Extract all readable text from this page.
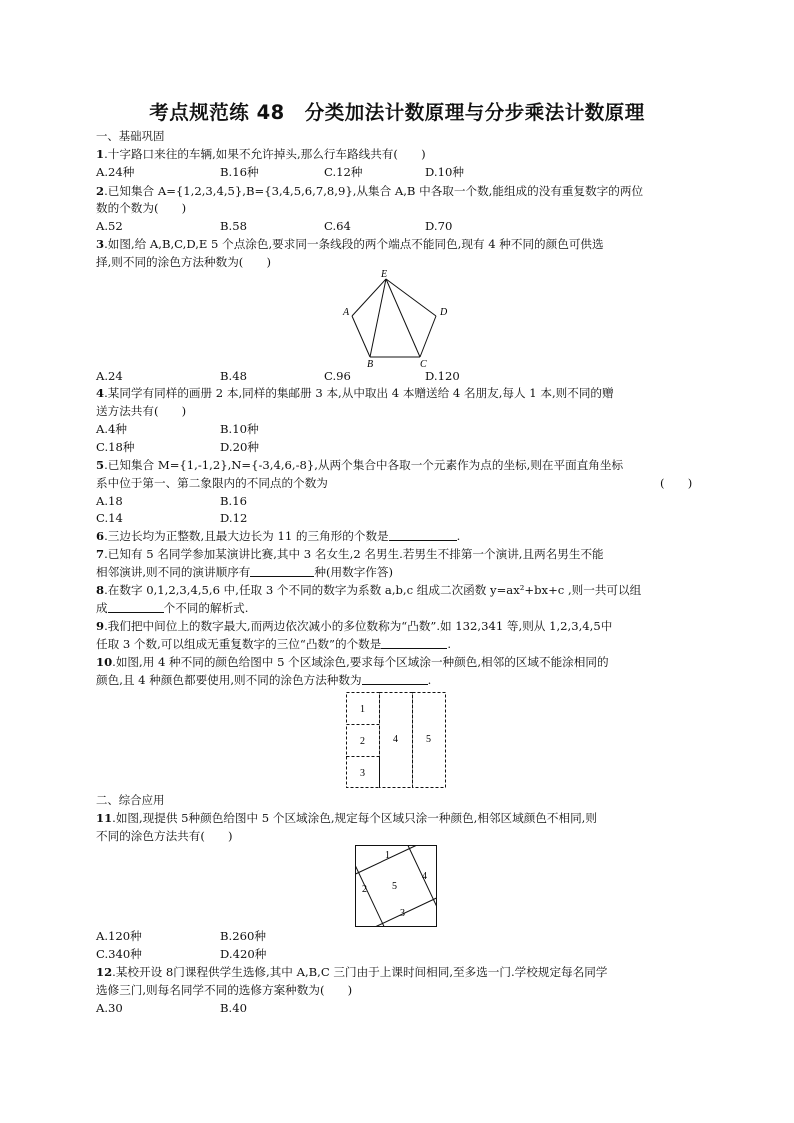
考点规范练 48　分类加法计数原理与分步乘法计数原理
一、基础巩固
1.十字路口来往的车辆,如果不允许掉头,那么行车路线共有(　　)
A.24种	B.16种	C.12种	D.10种
2.已知集合 A={1,2,3,4,5},B={3,4,5,6,7,8,9},从集合 A,B 中各取一个数,能组成的没有重复数字的两位
数的个数为(　　)
A.52	B.58	C.64	D.70
3.如图,给 A,B,C,D,E 5 个点涂色,要求同一条线段的两个端点不能同色,现有 4 种不同的颜色可供选
择,则不同的涂色方法种数为(　　)
E
A	D
B	C
A.24	B.48	C.96	D.120
4.某同学有同样的画册 2 本,同样的集邮册 3 本,从中取出 4 本赠送给 4 名朋友,每人 1 本,则不同的赠
送方法共有(　　)
A.4种	B.10种
C.18种	D.20种
5.已知集合 M={1,-1,2},N={-3,4,6,-8},从两个集合中各取一个元素作为点的坐标,则在平面直角坐标
系中位于第一、第二象限内的不同点的个数为	(　　)
A.18	B.16
C.14	D.12
6.三边长均为正整数,且最大边长为 11 的三角形的个数是	.
7.已知有 5 名同学参加某演讲比赛,其中 3 名女生,2 名男生.若男生不排第一个演讲,且两名男生不能
相邻演讲,则不同的演讲顺序有	种(用数字作答)
8.在数字 0,1,2,3,4,5,6 中,任取 3 个不同的数字为系数 a,b,c 组成二次函数 y=ax²+bx+c ,则一共可以组
成	个不同的解析式.
9.我们把中间位上的数字最大,而两边依次减小的多位数称为“凸数”.如 132,341 等,则从 1,2,3,4,5中
任取 3 个数,可以组成无重复数字的三位“凸数”的个数是	.
10.如图,用 4 种不同的颜色给图中 5 个区域涂色,要求每个区域涂一种颜色,相邻的区域不能涂相同的
颜色,且 4 种颜色都要使用,则不同的涂色方法种数为	.
1
2
3
4	5
二、综合应用
11.如图,现提供 5种颜色给图中 5 个区域涂色,规定每个区域只涂一种颜色,相邻区域颜色不相同,则
不同的涂色方法共有(　　)
1
2
3
4
5
A.120种	B.260种
C.340种	D.420种
12.某校开设 8门课程供学生选修,其中 A,B,C 三门由于上课时间相同,至多选一门.学校规定每名同学
选修三门,则每名同学不同的选修方案种数为(　　)
A.30	B.40
